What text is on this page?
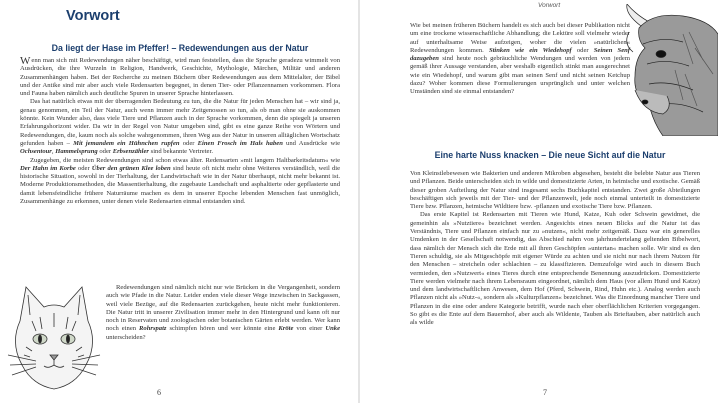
Vorwort
Da liegt der Hase im Pfeffer! – Redewendungen aus der Natur

Wenn man sich mit Redewendungen näher beschäftigt, wird man feststellen, dass die Sprache geradezu wimmelt von Ausdrücken, die ihre Wurzeln in Religion, Handwerk, Geschichte, Mythologie, Märchen, Militär und anderen Zusammenhängen haben. Bei der Recherche zu meinen Büchern über Redewendungen aus dem Mittelalter, der Bibel und der Antike sind mir aber auch viele Redensarten begegnet, in denen Tier- oder Pflanzennamen vorkommen. Flora und Fauna haben nämlich auch deutliche Spuren in unserer Sprache hinterlassen.

Das hat natürlich etwas mit der überragenden Bedeutung zu tun, die die Natur für jeden Menschen hat – wir sind ja, genau genommen, ein Teil der Natur, auch wenn immer mehr Zeitgenossen so tun, als ob man ohne sie auskommen könnte. Kein Wunder also, dass viele Tiere und Pflanzen auch in der Sprache vorkommen, denn die spiegelt ja unseren Erfahrungshorizont wider. Da wir in der Regel von Natur umgeben sind, gibt es eine ganze Reihe von Wörtern und Redewendungen, die, kaum noch als solche wahrgenommen, ihren Weg aus der Natur in unseren alltäglichen Wortschatz gefunden haben – Mit jemandem ein Hühnchen rupfen oder Einen Frosch im Hals haben und Ausdrücke wie Ochsentour, Hammelsprung oder Erbsenzähler sind bekannte Vertreter.

Zugegeben, die meisten Redewendungen sind schon etwas älter. Redensarten »mit langem Haltbarkeitsdatum« wie Der Hahn im Korbe oder Über den grünen Klee loben sind heute oft nicht mehr ohne Weiteres verständlich, weil die historische Situation, sowohl in der Tierhaltung, der Landwirtschaft wie in der Natur überhaupt, nicht mehr bekannt ist. Moderne Produktionsmethoden, die Massentierhaltung, die zugebaute Landschaft und asphaltierte oder gepflasterte und damit lebensfeindliche frühere Naturräume machen es dem in unserer Epoche lebenden Menschen fast unmöglich, Zusammenhänge zu erkennen, unter denen viele Redensarten einmal entstanden sind.

Redewendungen sind nämlich nicht nur wie Brücken in die Vergangenheit, sondern auch wie Pfade in die Natur. Leider enden viele dieser Wege inzwischen in Sackgassen, weil viele Bezüge, auf die Redensarten zurückgehen, heute nicht mehr funktionieren. Die Natur tritt in unserer Zivilisation immer mehr in den Hintergrund und kann oft nur noch in Reservaten und zoologischen oder botanischen Gärten erlebt werden. Wer kann noch einen Rohrspatz schimpfen hören und wer könnte eine Kröte von einer Unke unterscheiden?

6
Vorwort

Wie bei meinen früheren Büchern handelt es sich auch bei dieser Publikation nicht um eine trockene wissenschaftliche Abhandlung; die Lektüre soll vielmehr wieder auf unterhaltsame Weise aufzeigen, woher die vielen »natürlichen« Redewendungen kommen. Stinken wie ein Wiedehopf oder Seinen Senf dazugeben sind heute noch gebräuchliche Wendungen und werden von jedem gemäß ihrer Aussage verstanden, aber weshalb eigentlich stinkt man ausgerechnet wie ein Wiedehopf, und warum gibt man seinen Senf und nicht seinen Ketchup dazu? Woher kommen diese Formulierungen ursprünglich und unter welchen Umständen sind sie einmal entstanden?

Eine harte Nuss knacken – Die neue Sicht auf die Natur

Von Kleinstlebewesen wie Bakterien und anderen Mikroben abgesehen, besteht die belebte Natur aus Tieren und Pflanzen. Beide unterscheiden sich in wilde und domestizierte Arten, in heimische und exotische. Gemäß dieser groben Aufteilung der Natur sind insgesamt sechs Buchkapitel entstanden. Zwei große Abteilungen beschäftigen sich jeweils mit der Tier- und der Pflanzenwelt, jede noch einmal unterteilt in domestizierte Tiere bzw. Pflanzen, heimische Wildtiere bzw. -pflanzen und exotische Tiere bzw. Pflanzen.

Das erste Kapitel ist Redensarten mit Tieren wie Hund, Katze, Kuh oder Schwein gewidmet, die gemeinhin als »Nutztiere« bezeichnet werden. Angesichts eines neuen Blicks auf die Natur ist das Verständnis, Tiere und Pflanzen einfach nur zu »nutzen«, nicht mehr zeitgemäß. Dazu war ein generelles Umdenken in der Gesellschaft notwendig, das Abschied nahm von jahrhundertelang geltenden Bibelwort, dass nämlich der Mensch sich die Erde mit all ihren Geschöpfen »untertan« machen solle. Wir sind es den Tieren schuldig, sie als Mitgeschöpfe mit eigener Würde zu achten und sie nicht nur nach ihrem Nutzen für den Menschen – streicheln oder schlachten – zu klassifizieren. Demzufolge wird auch in diesem Buch vermieden, den »Nutzwert« eines Tieres durch eine entsprechende Benennung auszudrücken. Domestizierte Tiere werden vielmehr nach ihrem Lebensraum eingeordnet, nämlich dem Haus (vor allem Hund und Katze) und dem landwirtschaftlichen Anwesen, dem Hof (Pferd, Schwein, Rind, Huhn etc.). Analog werden auch Pflanzen nicht als »Nutz-«, sondern als »Kulturpflanzen« bezeichnet. Was die Einordnung mancher Tiere und Pflanzen in die eine oder andere Kategorie betrifft, wurde nach eher oberflächlichen Kriterien vorgegangen. So gibt es die Ente auf dem Bauernhof, aber auch als Wildente, Tauben als Brieftauben, aber natürlich auch als wilde

7
